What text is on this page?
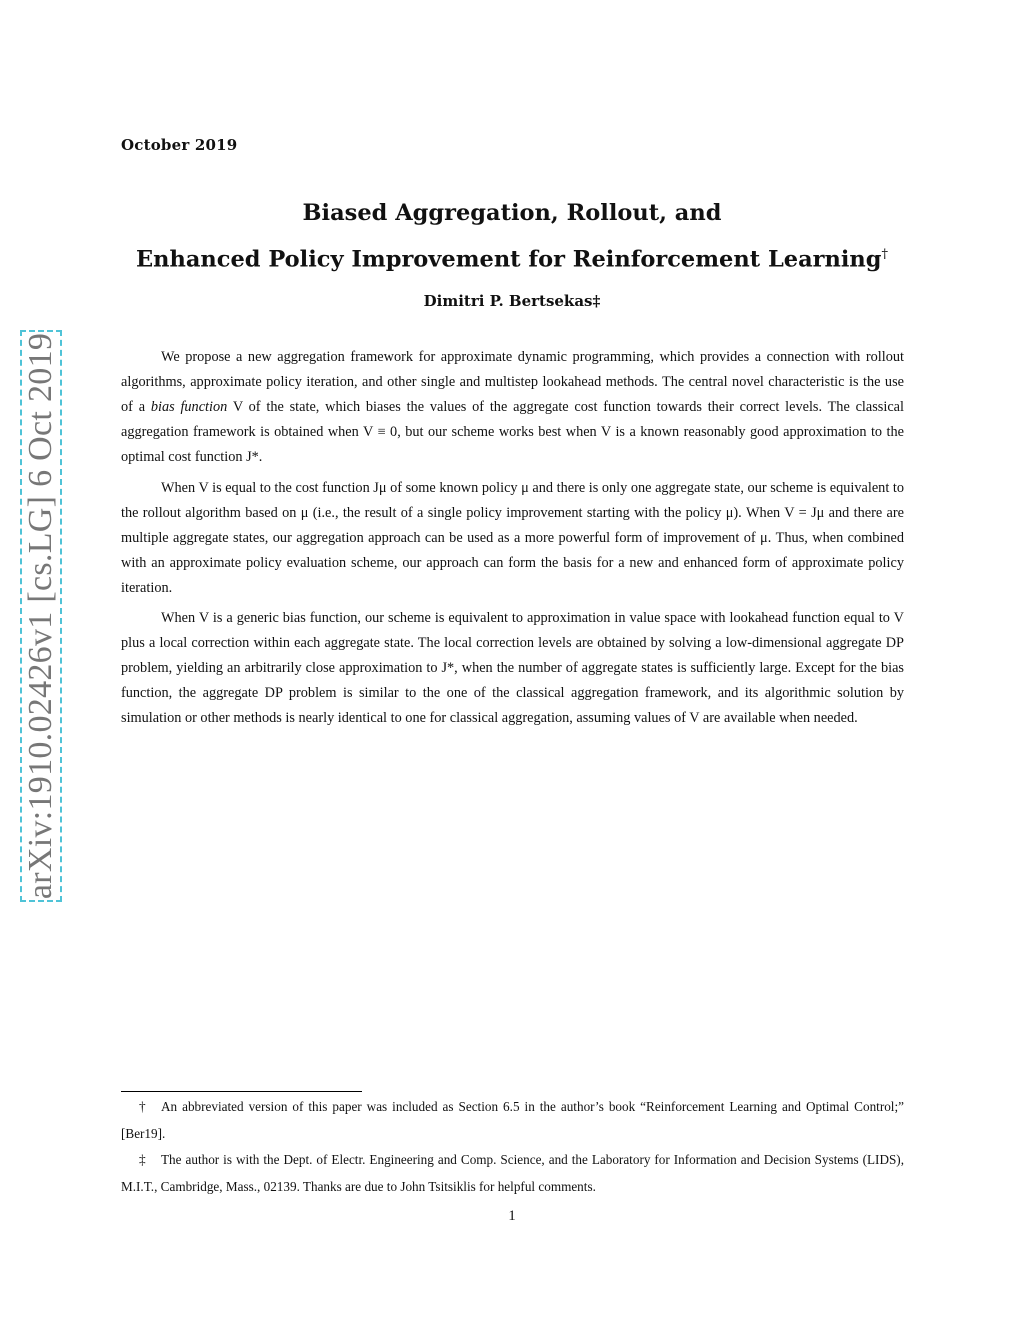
October 2019
Biased Aggregation, Rollout, and
Enhanced Policy Improvement for Reinforcement Learning†
Dimitri P. Bertsekas‡
arXiv:1910.02426v1 [cs.LG] 6 Oct 2019	We propose a new aggregation framework for approximate dynamic programming, which provides a connection with rollout algorithms, approximate policy iteration, and other single and multistep lookahead methods. The central novel characteristic is the use of a bias function V of the state, which biases the values of the aggregate cost function towards their correct levels. The classical aggregation framework is obtained when V ≡ 0, but our scheme works best when V is a known reasonably good approximation to the optimal cost function J*.

When V is equal to the cost function Jμ of some known policy μ and there is only one aggregate state, our scheme is equivalent to the rollout algorithm based on μ (i.e., the result of a single policy improvement starting with the policy μ). When V = Jμ and there are multiple aggregate states, our aggregation approach can be used as a more powerful form of improvement of μ. Thus, when combined with an approximate policy evaluation scheme, our approach can form the basis for a new and enhanced form of approximate policy iteration.

When V is a generic bias function, our scheme is equivalent to approximation in value space with lookahead function equal to V plus a local correction within each aggregate state. The local correction levels are obtained by solving a low-dimensional aggregate DP problem, yielding an arbitrarily close approximation to J*, when the number of aggregate states is sufficiently large. Except for the bias function, the aggregate DP problem is similar to the one of the classical aggregation framework, and its algorithmic solution by simulation or other methods is nearly identical to one for classical aggregation, assuming values of V are available when needed.

† An abbreviated version of this paper was included as Section 6.5 in the author’s book “Reinforcement Learning and Optimal Control;” [Ber19].

‡ The author is with the Dept. of Electr. Engineering and Comp. Science, and the Laboratory for Information and Decision Systems (LIDS), M.I.T., Cambridge, Mass., 02139. Thanks are due to John Tsitsiklis for helpful comments.

1
